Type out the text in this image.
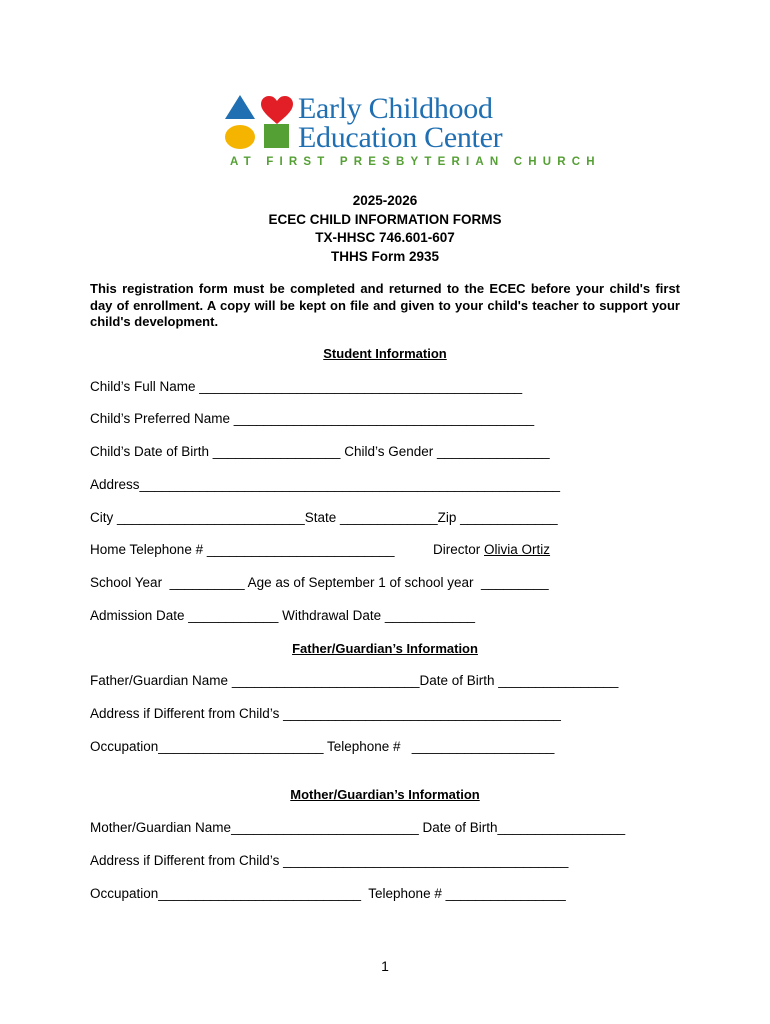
Early Childhood
Education Center
AT FIRST PRESBYTERIAN CHURCH
2025-2026
ECEC CHILD INFORMATION FORMS
TX-HHSC 746.601-607
THHS Form 2935
This registration form must be completed and returned to the ECEC before your child's first day of enrollment. A copy will be kept on file and given to your child's teacher to support your child's development.
Student Information
Child’s Full Name ___________________________________________
Child’s Preferred Name ________________________________________
Child’s Date of Birth _________________ Child’s Gender _______________
Address________________________________________________________
City _________________________State _____________Zip _____________
Home Telephone # _________________________	Director Olivia Ortiz
School Year  __________ Age as of September 1 of school year  _________
Admission Date ____________ Withdrawal Date ____________
Father/Guardian’s Information
Father/Guardian Name _________________________Date of Birth ________________
Address if Different from Child’s _____________________________________
Occupation______________________ Telephone #   ___________________
Mother/Guardian’s Information
Mother/Guardian Name_________________________ Date of Birth_________________
Address if Different from Child’s ______________________________________
Occupation___________________________  Telephone # ________________
1
